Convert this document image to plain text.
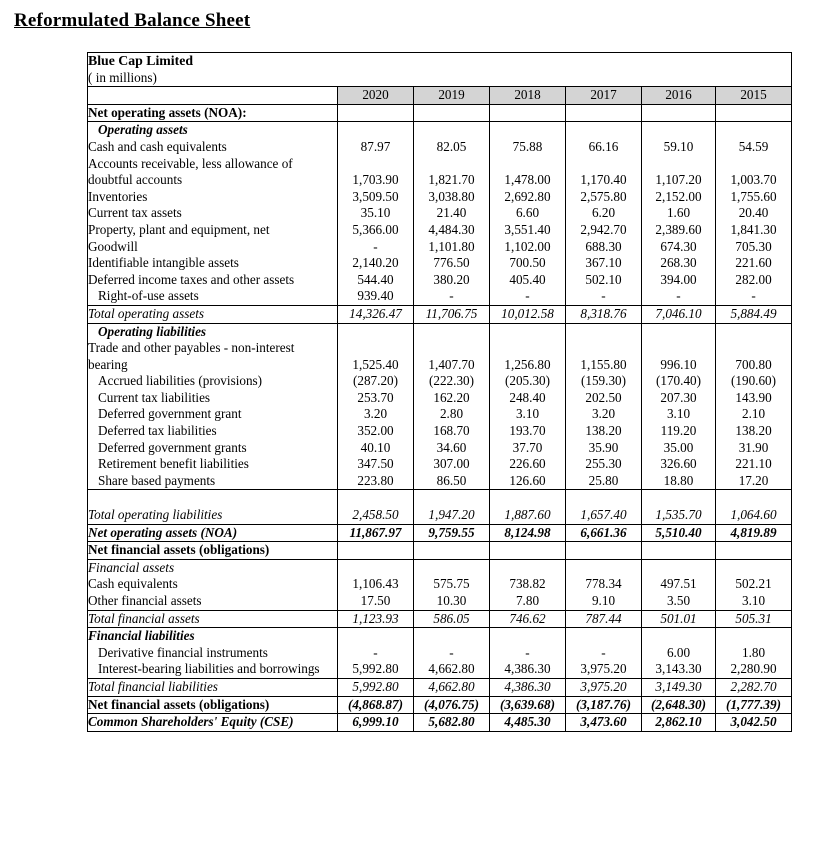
Reformulated Balance Sheet
Blue Cap Limited
( in millions)						

	2020	2019	2018	2017	2016	2015
Net operating assets (NOA):						
Operating assets						
Cash and cash equivalents	87.97	82.05	75.88	66.16	59.10	54.59
Accounts receivable, less allowance of doubtful accounts	1,703.90	1,821.70	1,478.00	1,170.40	1,107.20	1,003.70
Inventories	3,509.50	3,038.80	2,692.80	2,575.80	2,152.00	1,755.60
Current tax assets	35.10	21.40	6.60	6.20	1.60	20.40
Property, plant and equipment, net	5,366.00	4,484.30	3,551.40	2,942.70	2,389.60	1,841.30
Goodwill	-	1,101.80	1,102.00	688.30	674.30	705.30
Identifiable intangible assets	2,140.20	776.50	700.50	367.10	268.30	221.60
Deferred income taxes and other assets	544.40	380.20	405.40	502.10	394.00	282.00
Right-of-use assets	939.40	-	-	-	-	-
Total operating assets	14,326.47	11,706.75	10,012.58	8,318.76	7,046.10	5,884.49
Operating liabilities						
Trade and other payables - non-interest bearing	1,525.40	1,407.70	1,256.80	1,155.80	996.10	700.80
Accrued liabilities (provisions)	(287.20)	(222.30)	(205.30)	(159.30)	(170.40)	(190.60)
Current tax liabilities	253.70	162.20	248.40	202.50	207.30	143.90
Deferred government grant	3.20	2.80	3.10	3.20	3.10	2.10
Deferred tax liabilities	352.00	168.70	193.70	138.20	119.20	138.20
Deferred government grants	40.10	34.60	37.70	35.90	35.00	31.90
Retirement benefit liabilities	347.50	307.00	226.60	255.30	326.60	221.10
Share based payments	223.80	86.50	126.60	25.80	18.80	17.20

Total operating liabilities	2,458.50	1,947.20	1,887.60	1,657.40	1,535.70	1,064.60
Net operating assets (NOA)	11,867.97	9,759.55	8,124.98	6,661.36	5,510.40	4,819.89
Net financial assets (obligations)						
Financial assets						
Cash equivalents	1,106.43	575.75	738.82	778.34	497.51	502.21
Other financial assets	17.50	10.30	7.80	9.10	3.50	3.10
Total financial assets	1,123.93	586.05	746.62	787.44	501.01	505.31
Financial liabilities						
Derivative financial instruments	-	-	-	-	6.00	1.80
Interest-bearing liabilities and borrowings	5,992.80	4,662.80	4,386.30	3,975.20	3,143.30	2,280.90
Total financial liabilities	5,992.80	4,662.80	4,386.30	3,975.20	3,149.30	2,282.70
Net financial assets (obligations)	(4,868.87)	(4,076.75)	(3,639.68)	(3,187.76)	(2,648.30)	(1,777.39)
Common Shareholders' Equity (CSE)	6,999.10	5,682.80	4,485.30	3,473.60	2,862.10	3,042.50
